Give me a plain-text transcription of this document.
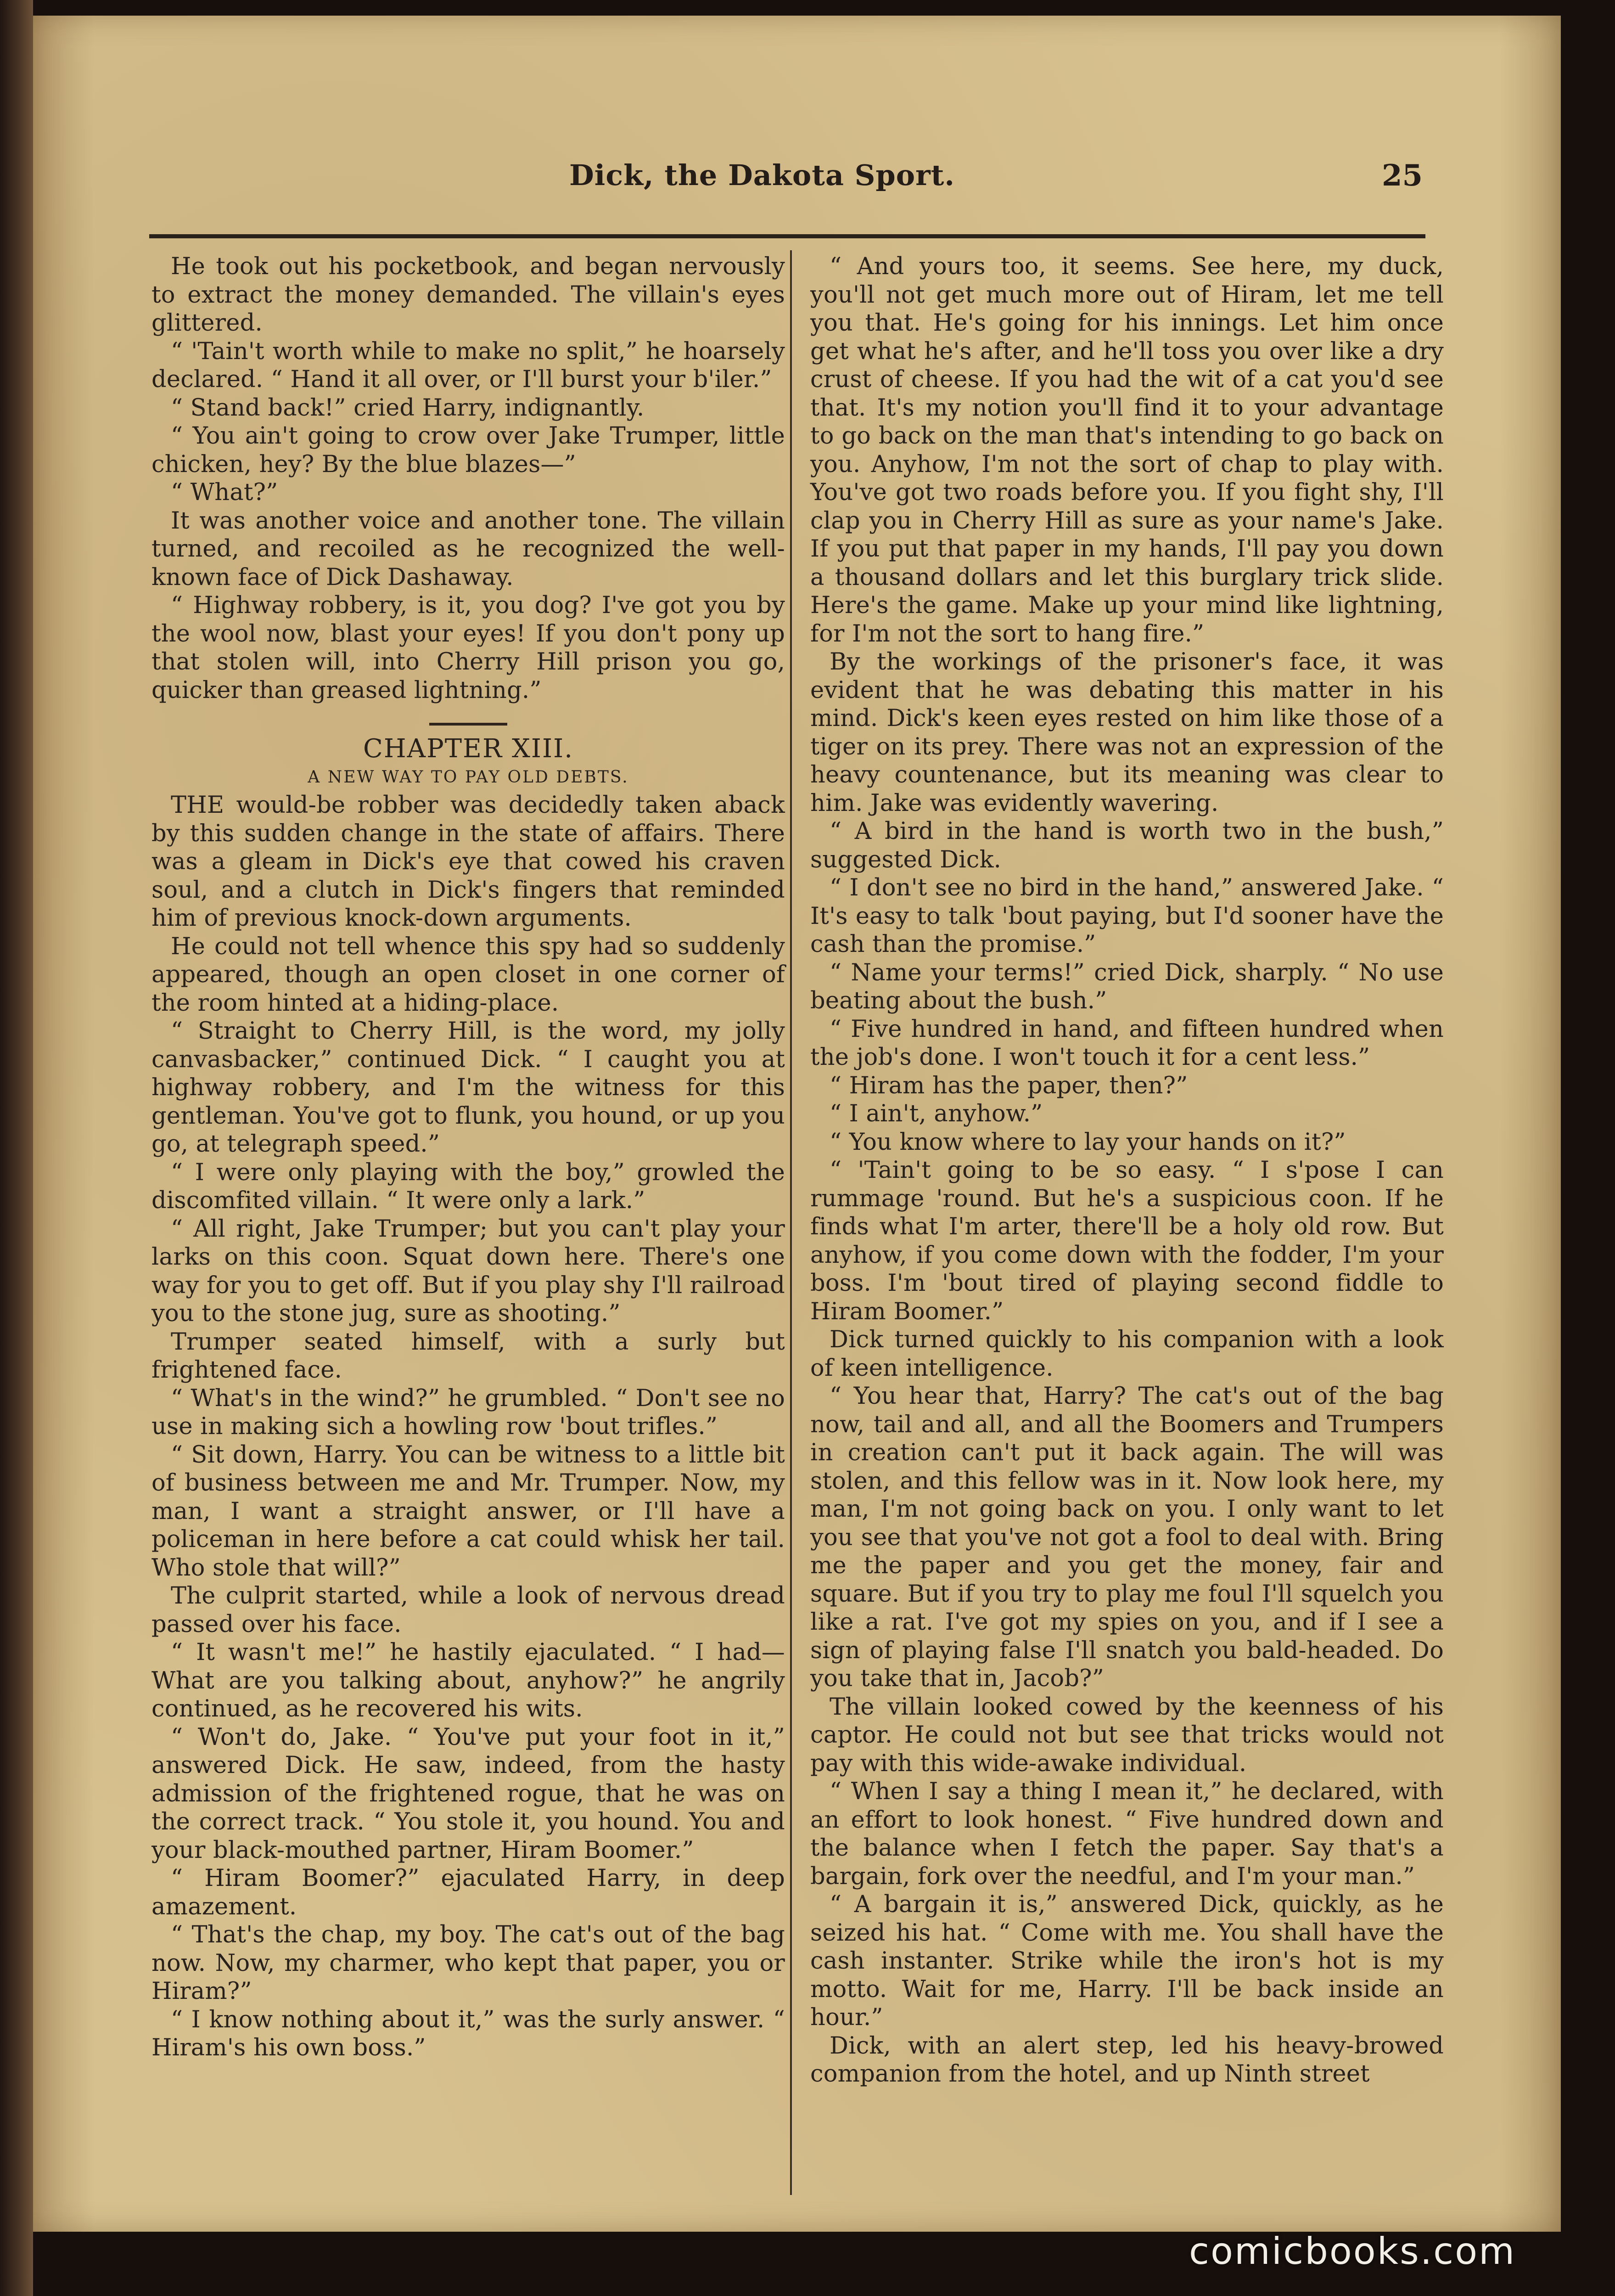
Dick, the Dakota Sport.	25

He took out his pocketbook, and began nervously to extract the money demanded. The villain's eyes glittered.

“ 'Tain't worth while to make no split,” he hoarsely declared. “ Hand it all over, or I'll burst your b'iler.”

“ Stand back!” cried Harry, indignantly.

“ You ain't going to crow over Jake Trumper, little chicken, hey? By the blue blazes—”

“ What?”

It was another voice and another tone. The villain turned, and recoiled as he recognized the well-known face of Dick Dashaway.

“ Highway robbery, is it, you dog? I've got you by the wool now, blast your eyes! If you don't pony up that stolen will, into Cherry Hill prison you go, quicker than greased lightning.”

CHAPTER XIII.

A NEW WAY TO PAY OLD DEBTS.

THE would-be robber was decidedly taken aback by this sudden change in the state of affairs. There was a gleam in Dick's eye that cowed his craven soul, and a clutch in Dick's fingers that reminded him of previous knock-down arguments.

He could not tell whence this spy had so suddenly appeared, though an open closet in one corner of the room hinted at a hiding-place.

“ Straight to Cherry Hill, is the word, my jolly canvasbacker,” continued Dick. “ I caught you at highway robbery, and I'm the witness for this gentleman. You've got to flunk, you hound, or up you go, at telegraph speed.”

“ I were only playing with the boy,” growled the discomfited villain. “ It were only a lark.”

“ All right, Jake Trumper; but you can't play your larks on this coon. Squat down here. There's one way for you to get off. But if you play shy I'll railroad you to the stone jug, sure as shooting.”

Trumper seated himself, with a surly but frightened face.

“ What's in the wind?” he grumbled. “ Don't see no use in making sich a howling row 'bout trifles.”

“ Sit down, Harry. You can be witness to a little bit of business between me and Mr. Trumper. Now, my man, I want a straight answer, or I'll have a policeman in here before a cat could whisk her tail. Who stole that will?”

The culprit started, while a look of nervous dread passed over his face.

“ It wasn't me!” he hastily ejaculated. “ I had— What are you talking about, anyhow?” he angrily continued, as he recovered his wits.

“ Won't do, Jake. “ You've put your foot in it,” answered Dick. He saw, indeed, from the hasty admission of the frightened rogue, that he was on the correct track. “ You stole it, you hound. You and your black-mouthed partner, Hiram Boomer.”

“ Hiram Boomer?” ejaculated Harry, in deep amazement.

“ That's the chap, my boy. The cat's out of the bag now. Now, my charmer, who kept that paper, you or Hiram?”

“ I know nothing about it,” was the surly answer. “ Hiram's his own boss.”

“ And yours too, it seems. See here, my duck, you'll not get much more out of Hiram, let me tell you that. He's going for his innings. Let him once get what he's after, and he'll toss you over like a dry crust of cheese. If you had the wit of a cat you'd see that. It's my notion you'll find it to your advantage to go back on the man that's intending to go back on you. Anyhow, I'm not the sort of chap to play with. You've got two roads before you. If you fight shy, I'll clap you in Cherry Hill as sure as your name's Jake. If you put that paper in my hands, I'll pay you down a thousand dollars and let this burglary trick slide. Here's the game. Make up your mind like lightning, for I'm not the sort to hang fire.”

By the workings of the prisoner's face, it was evident that he was debating this matter in his mind. Dick's keen eyes rested on him like those of a tiger on its prey. There was not an expression of the heavy countenance, but its meaning was clear to him. Jake was evidently wavering.

“ A bird in the hand is worth two in the bush,” suggested Dick.

“ I don't see no bird in the hand,” answered Jake. “ It's easy to talk 'bout paying, but I'd sooner have the cash than the promise.”

“ Name your terms!” cried Dick, sharply. “ No use beating about the bush.”

“ Five hundred in hand, and fifteen hundred when the job's done. I won't touch it for a cent less.”

“ Hiram has the paper, then?”

“ I ain't, anyhow.”

“ You know where to lay your hands on it?”

“ 'Tain't going to be so easy. “ I s'pose I can rummage 'round. But he's a suspicious coon. If he finds what I'm arter, there'll be a holy old row. But anyhow, if you come down with the fodder, I'm your boss. I'm 'bout tired of playing second fiddle to Hiram Boomer.”

Dick turned quickly to his companion with a look of keen intelligence.

“ You hear that, Harry? The cat's out of the bag now, tail and all, and all the Boomers and Trumpers in creation can't put it back again. The will was stolen, and this fellow was in it. Now look here, my man, I'm not going back on you. I only want to let you see that you've not got a fool to deal with. Bring me the paper and you get the money, fair and square. But if you try to play me foul I'll squelch you like a rat. I've got my spies on you, and if I see a sign of playing false I'll snatch you bald-headed. Do you take that in, Jacob?”

The villain looked cowed by the keenness of his captor. He could not but see that tricks would not pay with this wide-awake individual.

“ When I say a thing I mean it,” he declared, with an effort to look honest. “ Five hundred down and the balance when I fetch the paper. Say that's a bargain, fork over the needful, and I'm your man.”

“ A bargain it is,” answered Dick, quickly, as he seized his hat. “ Come with me. You shall have the cash instanter. Strike while the iron's hot is my motto. Wait for me, Harry. I'll be back inside an hour.”

Dick, with an alert step, led his heavy-browed companion from the hotel, and up Ninth street

comicbooks.com
